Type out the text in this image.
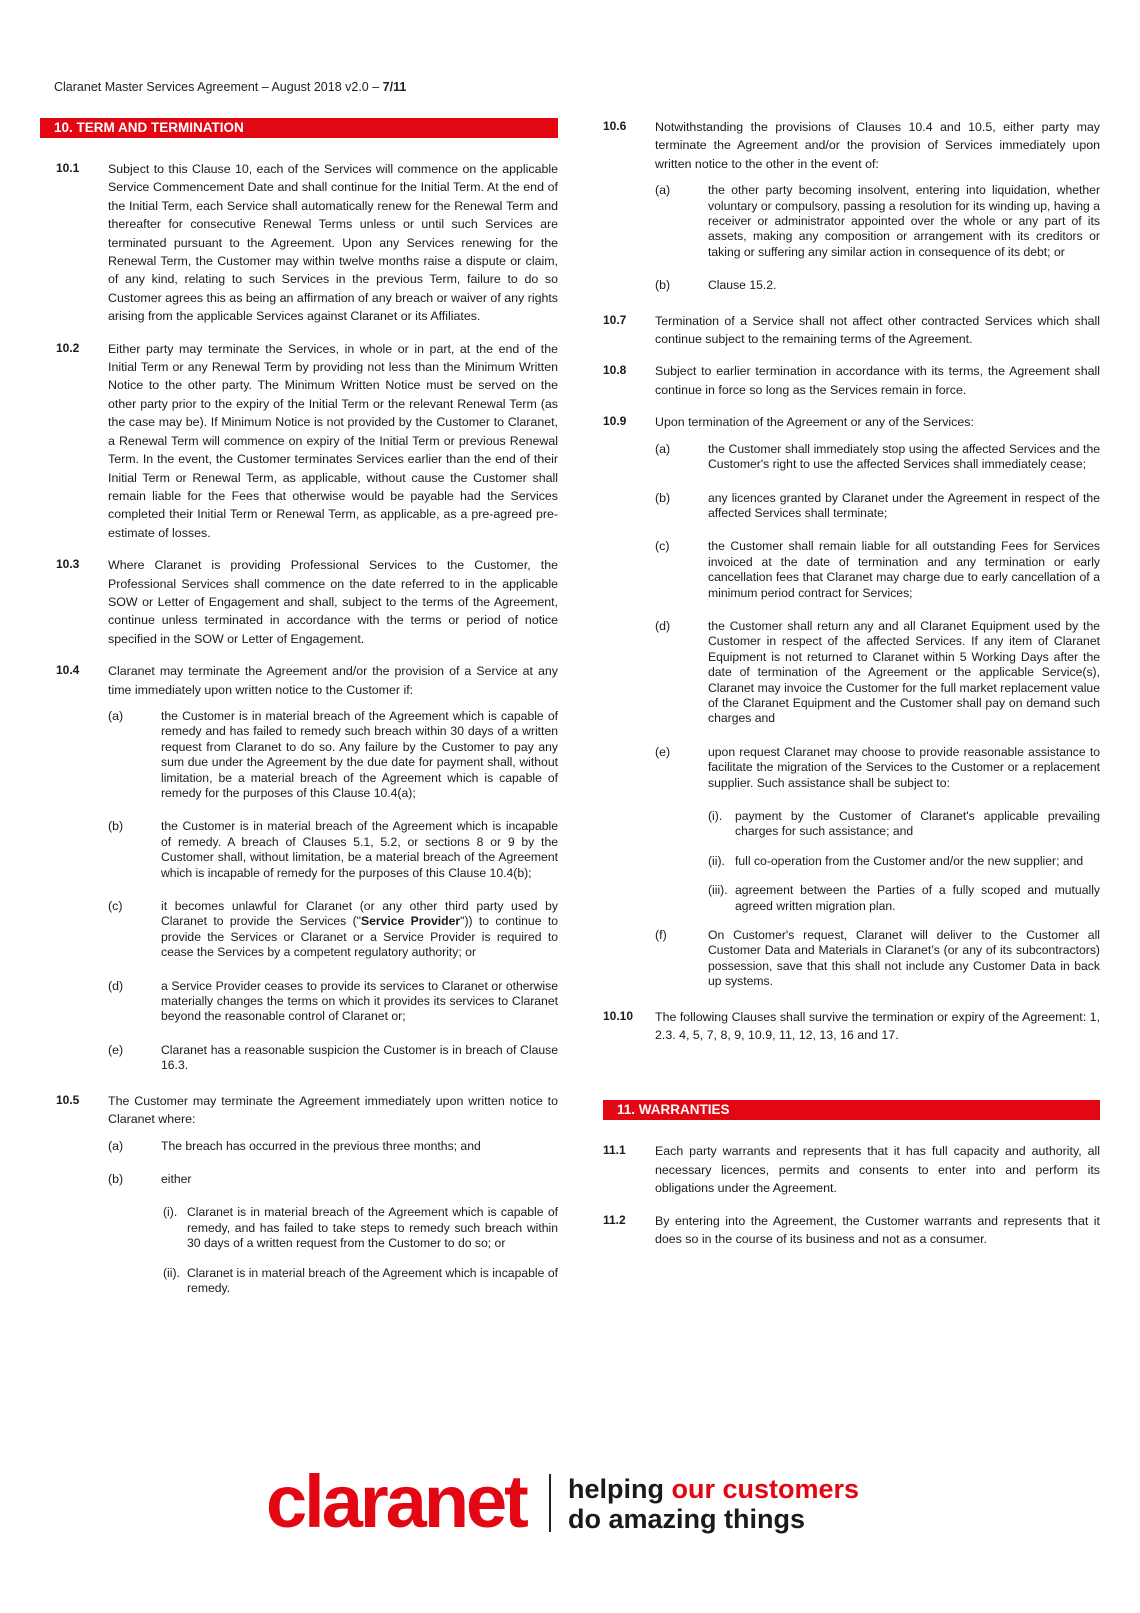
Claranet Master Services Agreement – August 2018 v2.0 – 7/11
10. TERM AND TERMINATION
10.1 Subject to this Clause 10, each of the Services will commence on the applicable Service Commencement Date and shall continue for the Initial Term. At the end of the Initial Term, each Service shall automatically renew for the Renewal Term and thereafter for consecutive Renewal Terms unless or until such Services are terminated pursuant to the Agreement. Upon any Services renewing for the Renewal Term, the Customer may within twelve months raise a dispute or claim, of any kind, relating to such Services in the previous Term, failure to do so Customer agrees this as being an affirmation of any breach or waiver of any rights arising from the applicable Services against Claranet or its Affiliates.
10.2 Either party may terminate the Services, in whole or in part, at the end of the Initial Term or any Renewal Term by providing not less than the Minimum Written Notice to the other party. The Minimum Written Notice must be served on the other party prior to the expiry of the Initial Term or the relevant Renewal Term (as the case may be). If Minimum Notice is not provided by the Customer to Claranet, a Renewal Term will commence on expiry of the Initial Term or previous Renewal Term. In the event, the Customer terminates Services earlier than the end of their Initial Term or Renewal Term, as applicable, without cause the Customer shall remain liable for the Fees that otherwise would be payable had the Services completed their Initial Term or Renewal Term, as applicable, as a pre-agreed pre-estimate of losses.
10.3 Where Claranet is providing Professional Services to the Customer, the Professional Services shall commence on the date referred to in the applicable SOW or Letter of Engagement and shall, subject to the terms of the Agreement, continue unless terminated in accordance with the terms or period of notice specified in the SOW or Letter of Engagement.
10.4 Claranet may terminate the Agreement and/or the provision of a Service at any time immediately upon written notice to the Customer if:
(a)	the Customer is in material breach of the Agreement which is capable of remedy and has failed to remedy such breach within 30 days of a written request from Claranet to do so. Any failure by the Customer to pay any sum due under the Agreement by the due date for payment shall, without limitation, be a material breach of the Agreement which is capable of remedy for the purposes of this Clause 10.4(a);
(b)	the Customer is in material breach of the Agreement which is incapable of remedy. A breach of Clauses 5.1, 5.2, or sections 8 or 9 by the Customer shall, without limitation, be a material breach of the Agreement which is incapable of remedy for the purposes of this Clause 10.4(b);
(c)	it becomes unlawful for Claranet (or any other third party used by Claranet to provide the Services ("Service Provider")) to continue to provide the Services or Claranet or a Service Provider is required to cease the Services by a competent regulatory authority; or
(d)	a Service Provider ceases to provide its services to Claranet or otherwise materially changes the terms on which it provides its services to Claranet beyond the reasonable control of Claranet or;
(e)	Claranet has a reasonable suspicion the Customer is in breach of Clause 16.3.
10.5 The Customer may terminate the Agreement immediately upon written notice to Claranet where:
(a)	The breach has occurred in the previous three months; and
(b)	either
(i). Claranet is in material breach of the Agreement which is capable of remedy, and has failed to take steps to remedy such breach within 30 days of a written request from the Customer to do so; or
(ii). Claranet is in material breach of the Agreement which is incapable of remedy.
10.6 Notwithstanding the provisions of Clauses 10.4 and 10.5, either party may terminate the Agreement and/or the provision of Services immediately upon written notice to the other in the event of:
(a)	the other party becoming insolvent, entering into liquidation, whether voluntary or compulsory, passing a resolution for its winding up, having a receiver or administrator appointed over the whole or any part of its assets, making any composition or arrangement with its creditors or taking or suffering any similar action in consequence of its debt; or
(b)	Clause 15.2.
10.7 Termination of a Service shall not affect other contracted Services which shall continue subject to the remaining terms of the Agreement.
10.8 Subject to earlier termination in accordance with its terms, the Agreement shall continue in force so long as the Services remain in force.
10.9 Upon termination of the Agreement or any of the Services:
(a)	the Customer shall immediately stop using the affected Services and the Customer's right to use the affected Services shall immediately cease;
(b)	any licences granted by Claranet under the Agreement in respect of the affected Services shall terminate;
(c)	the Customer shall remain liable for all outstanding Fees for Services invoiced at the date of termination and any termination or early cancellation fees that Claranet may charge due to early cancellation of a minimum period contract for Services;
(d)	the Customer shall return any and all Claranet Equipment used by the Customer in respect of the affected Services. If any item of Claranet Equipment is not returned to Claranet within 5 Working Days after the date of termination of the Agreement or the applicable Service(s), Claranet may invoice the Customer for the full market replacement value of the Claranet Equipment and the Customer shall pay on demand such charges and
(e)	upon request Claranet may choose to provide reasonable assistance to facilitate the migration of the Services to the Customer or a replacement supplier. Such assistance shall be subject to:
(i). payment by the Customer of Claranet's applicable prevailing charges for such assistance; and
(ii). full co-operation from the Customer and/or the new supplier; and
(iii). agreement between the Parties of a fully scoped and mutually agreed written migration plan.
(f)	On Customer's request, Claranet will deliver to the Customer all Customer Data and Materials in Claranet’s (or any of its subcontractors) possession, save that this shall not include any Customer Data in back up systems.
10.10 The following Clauses shall survive the termination or expiry of the Agreement: 1, 2.3. 4, 5, 7, 8, 9, 10.9, 11, 12, 13, 16 and 17.
11. WARRANTIES
11.1 Each party warrants and represents that it has full capacity and authority, all necessary licences, permits and consents to enter into and perform its obligations under the Agreement.
11.2 By entering into the Agreement, the Customer warrants and represents that it does so in the course of its business and not as a consumer.
claranet helping our customers
do amazing things
